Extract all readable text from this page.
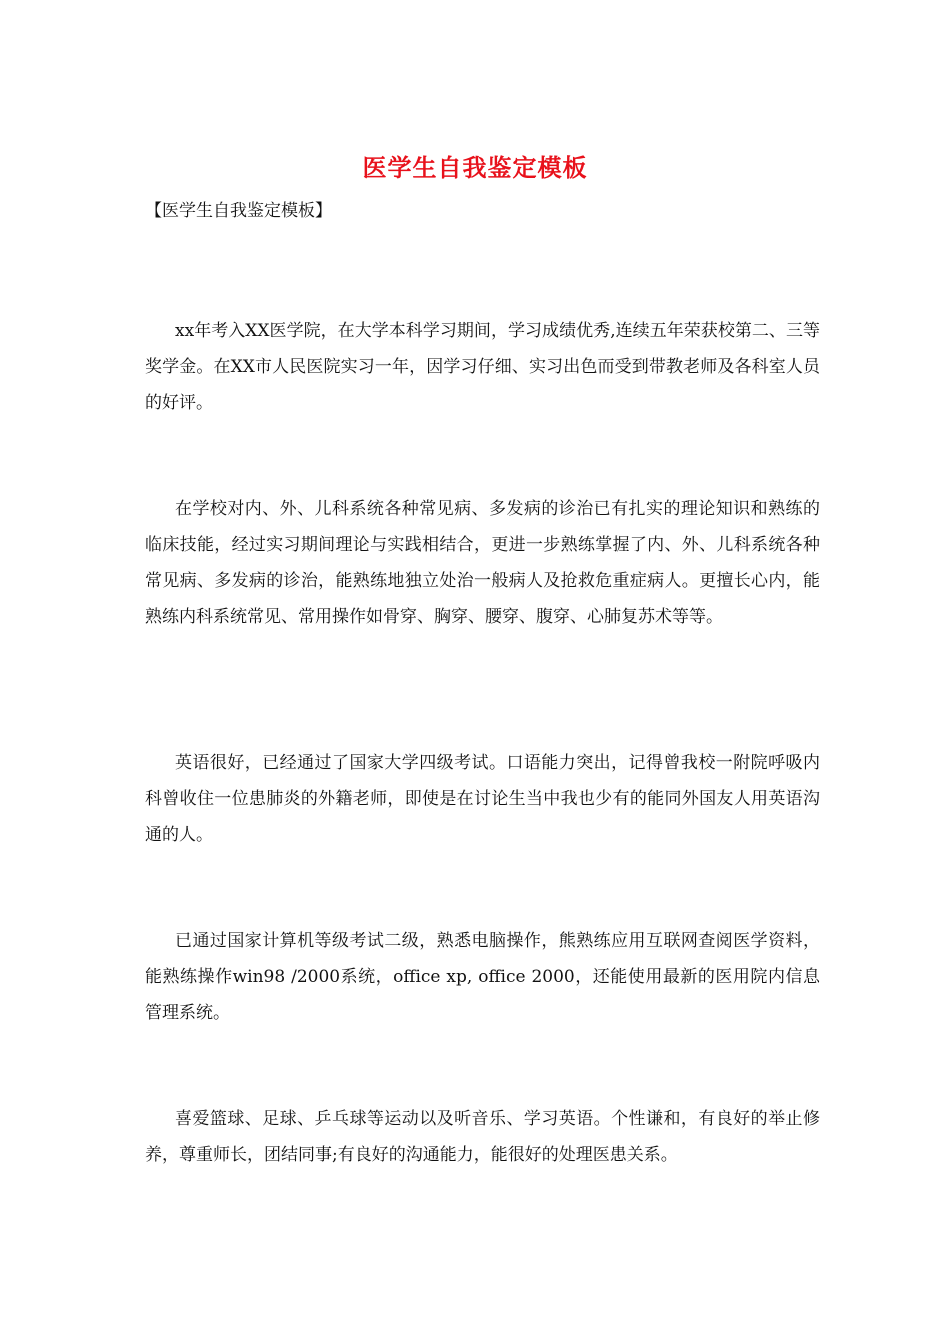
医学生自我鉴定模板
【医学生自我鉴定模板】

xx年考入XX医学院，在大学本科学习期间，学习成绩优秀,连续五年荣获校第二、三等奖学金。在XX市人民医院实习一年，因学习仔细、实习出色而受到带教老师及各科室人员的好评。

在学校对内、外、儿科系统各种常见病、多发病的诊治已有扎实的理论知识和熟练的临床技能，经过实习期间理论与实践相结合，更进一步熟练掌握了内、外、儿科系统各种常见病、多发病的诊治，能熟练地独立处治一般病人及抢救危重症病人。更擅长心内，能熟练内科系统常见、常用操作如骨穿、胸穿、腰穿、腹穿、心肺复苏术等等。

英语很好，已经通过了国家大学四级考试。口语能力突出，记得曾我校一附院呼吸内科曾收住一位患肺炎的外籍老师，即使是在讨论生当中我也少有的能同外国友人用英语沟通的人。

已通过国家计算机等级考试二级，熟悉电脑操作，熊熟练应用互联网查阅医学资料，能熟练操作win98 /2000系统，office xp, office 2000，还能使用最新的医用院内信息管理系统。

喜爱篮球、足球、乒乓球等运动以及听音乐、学习英语。个性谦和，有良好的举止修养，尊重师长，团结同事;有良好的沟通能力，能很好的处理医患关系。
